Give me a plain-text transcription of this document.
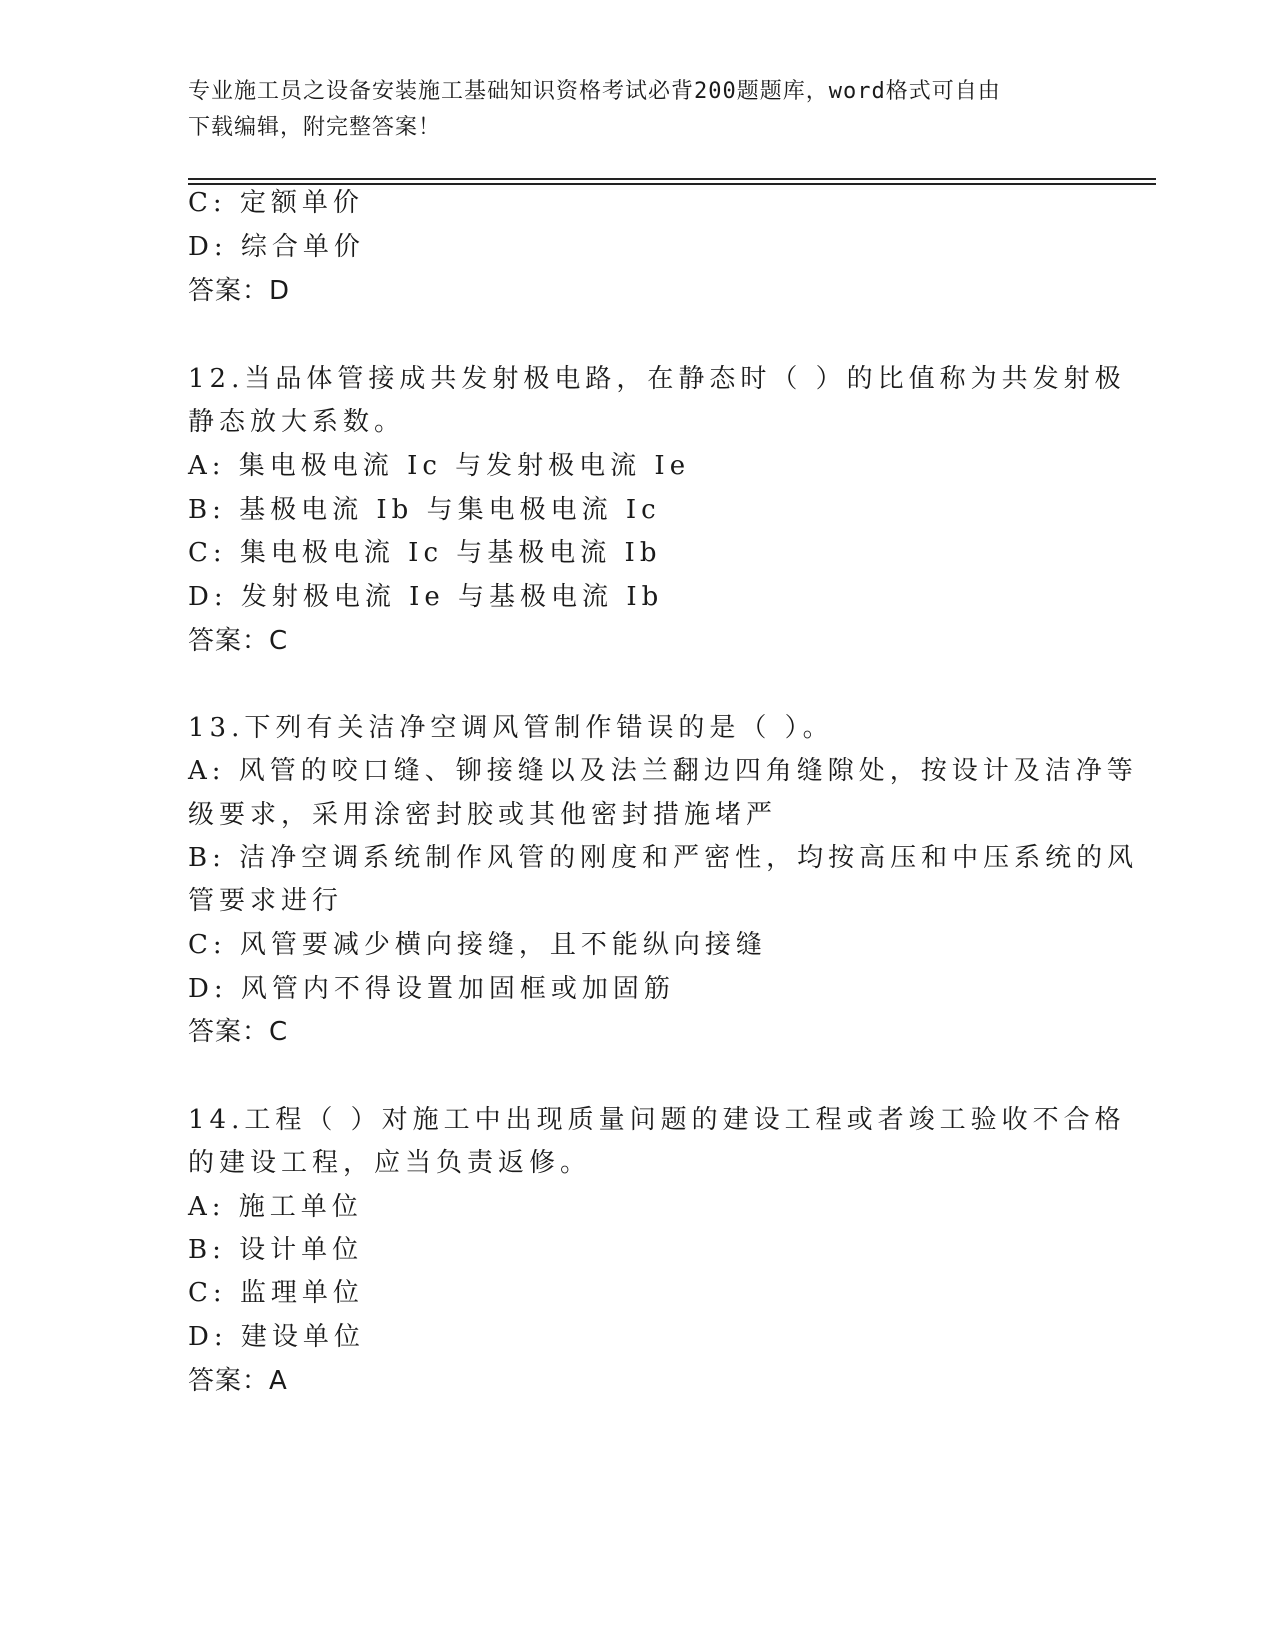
专业施工员之设备安装施工基础知识资格考试必背200题题库，word格式可自由
下载编辑，附完整答案！
C: 定额单价
D: 综合单价
答案：D
12.当品体管接成共发射极电路，在静态时（ ）的比值称为共发射极
静态放大系数。
A: 集电极电流 Ic 与发射极电流 Ie
B: 基极电流 Ib 与集电极电流 Ic
C: 集电极电流 Ic 与基极电流 Ib
D: 发射极电流 Ie 与基极电流 Ib
答案：C
13.下列有关洁净空调风管制作错误的是（ ）。
A: 风管的咬口缝、铆接缝以及法兰翻边四角缝隙处，按设计及洁净等
级要求，采用涂密封胶或其他密封措施堵严
B: 洁净空调系统制作风管的刚度和严密性，均按高压和中压系统的风
管要求进行
C: 风管要减少横向接缝，且不能纵向接缝
D: 风管内不得设置加固框或加固筋
答案：C
14.工程（ ）对施工中出现质量问题的建设工程或者竣工验收不合格
的建设工程，应当负责返修。
A: 施工单位
B: 设计单位
C: 监理单位
D: 建设单位
答案：A
